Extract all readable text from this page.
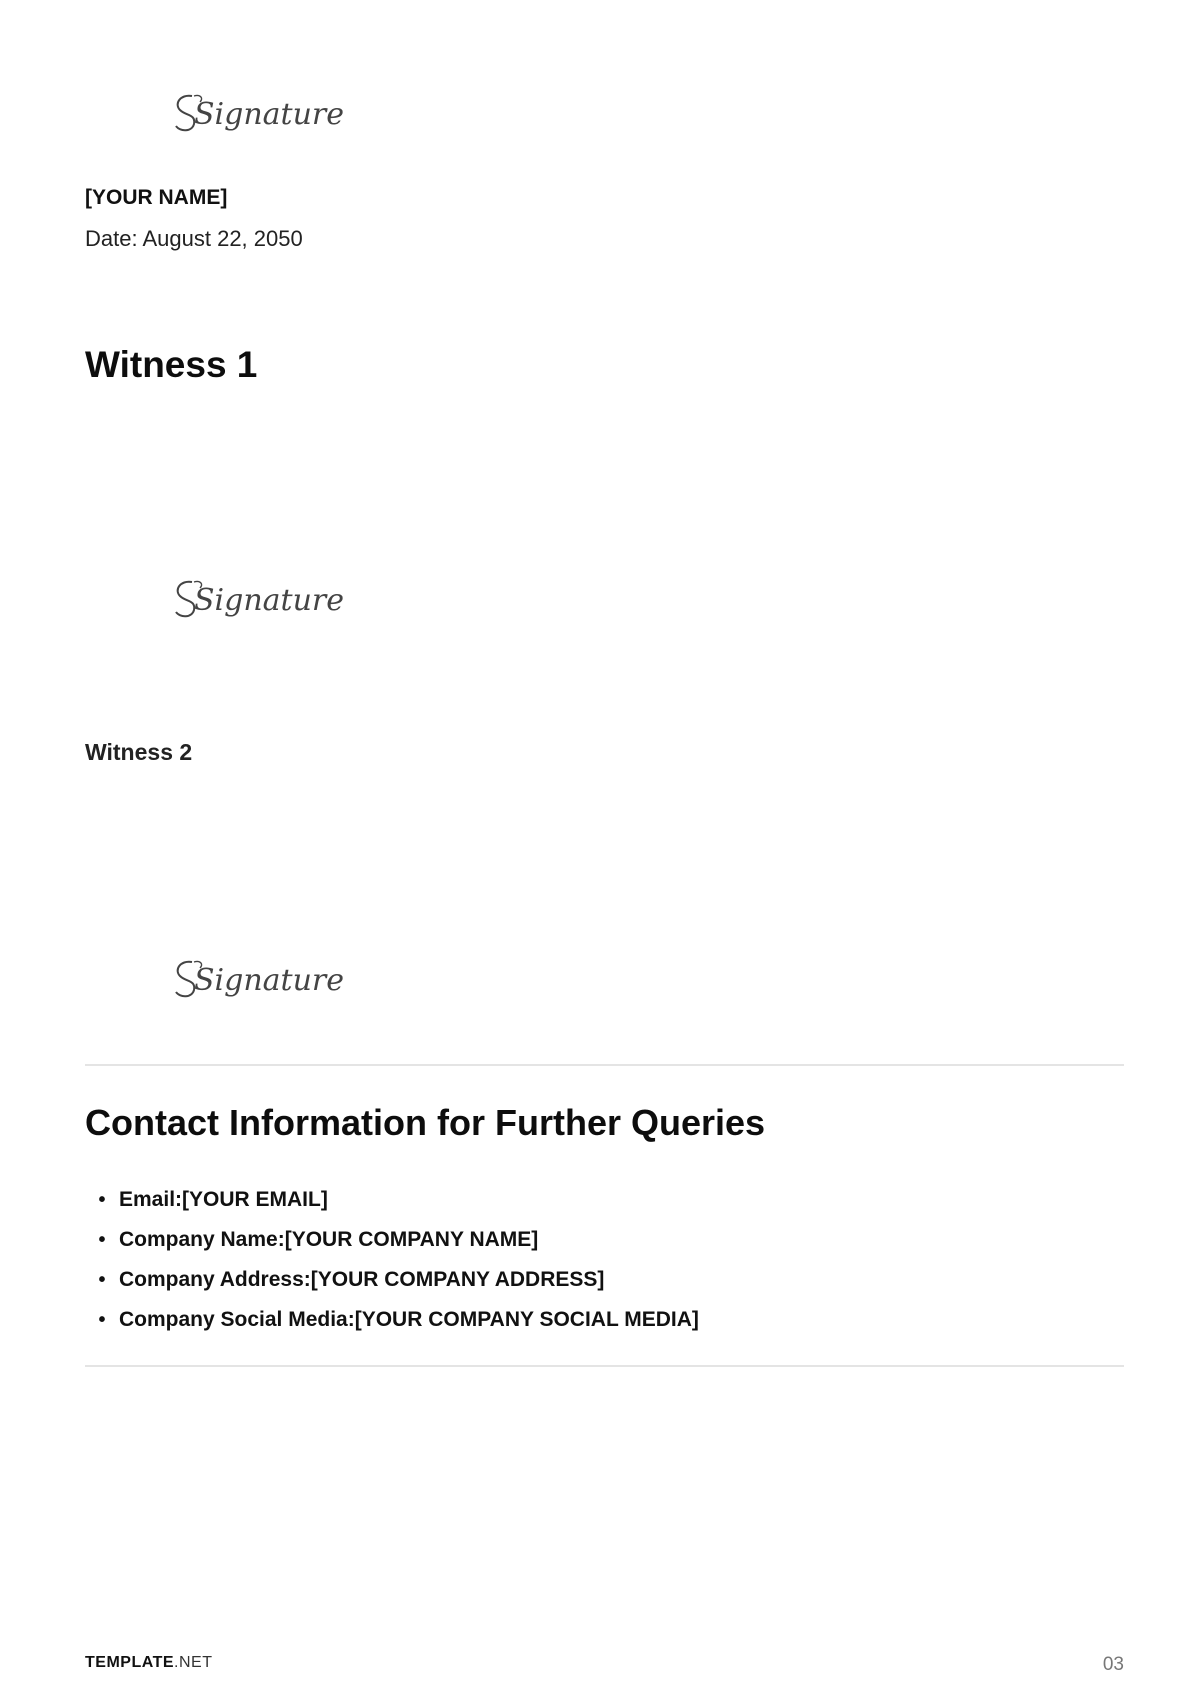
Signature
[YOUR NAME]
Date: August 22, 2050
Witness 1
Signature
Witness 2
Signature
Contact Information for Further Queries
• Email:[YOUR EMAIL]
• Company Name:[YOUR COMPANY NAME]
• Company Address:[YOUR COMPANY ADDRESS]
• Company Social Media:[YOUR COMPANY SOCIAL MEDIA]
TEMPLATE.NET	03
